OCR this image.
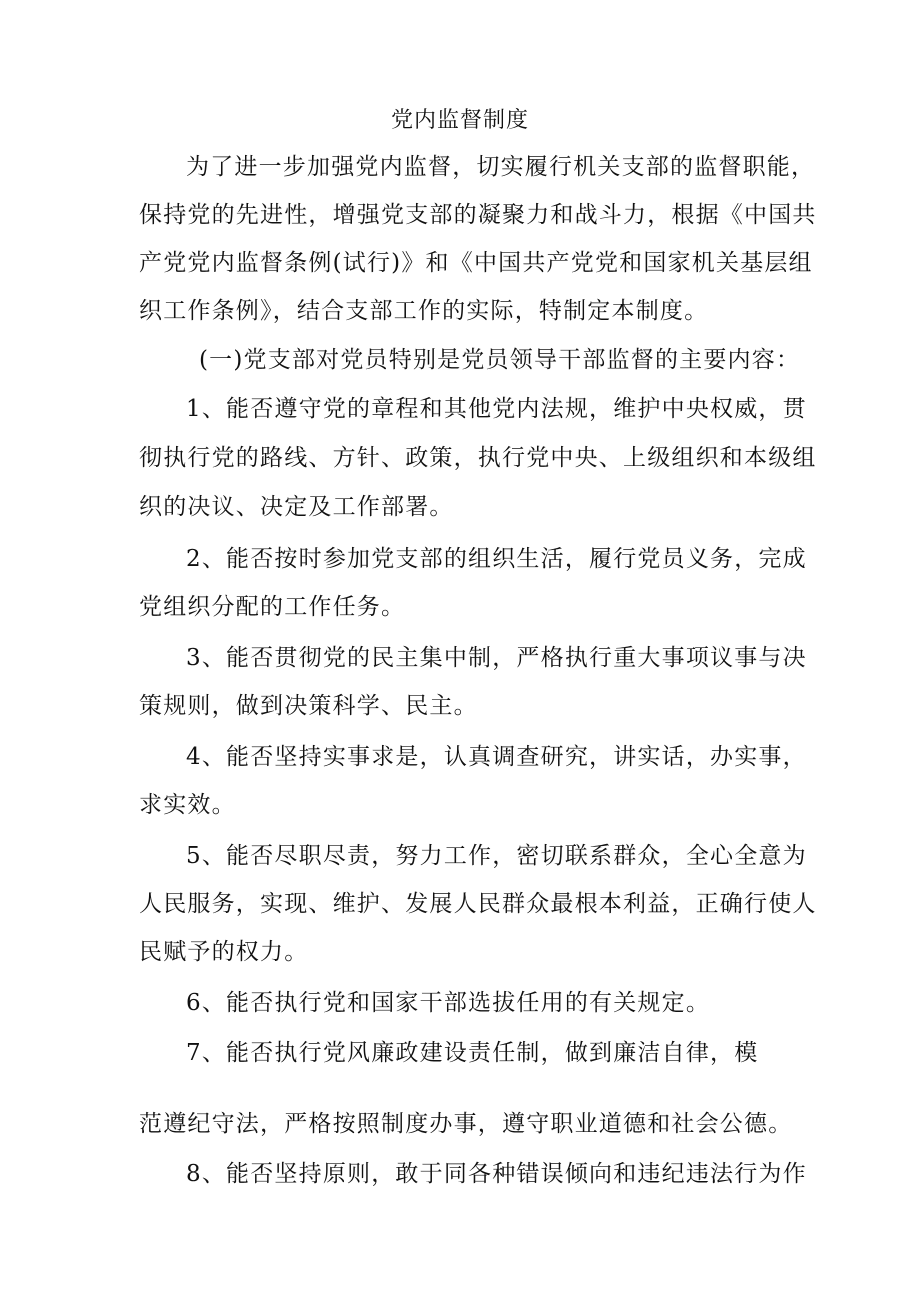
党内监督制度
为了进一步加强党内监督，切实履行机关支部的监督职能，
保持党的先进性，增强党支部的凝聚力和战斗力，根据《中国共
产党党内监督条例(试行)》和《中国共产党党和国家机关基层组
织工作条例》，结合支部工作的实际，特制定本制度。
(一)党支部对党员特别是党员领导干部监督的主要内容：
1、能否遵守党的章程和其他党内法规，维护中央权威，贯
彻执行党的路线、方针、政策，执行党中央、上级组织和本级组
织的决议、决定及工作部署。
2、能否按时参加党支部的组织生活，履行党员义务，完成
党组织分配的工作任务。
3、能否贯彻党的民主集中制，严格执行重大事项议事与决
策规则，做到决策科学、民主。
4、能否坚持实事求是，认真调查研究，讲实话，办实事，
求实效。
5、能否尽职尽责，努力工作，密切联系群众，全心全意为
人民服务，实现、维护、发展人民群众最根本利益，正确行使人
民赋予的权力。
6、能否执行党和国家干部选拔任用的有关规定。
7、能否执行党风廉政建设责任制，做到廉洁自律，模
范遵纪守法，严格按照制度办事，遵守职业道德和社会公德。
8、能否坚持原则，敢于同各种错误倾向和违纪违法行为作
